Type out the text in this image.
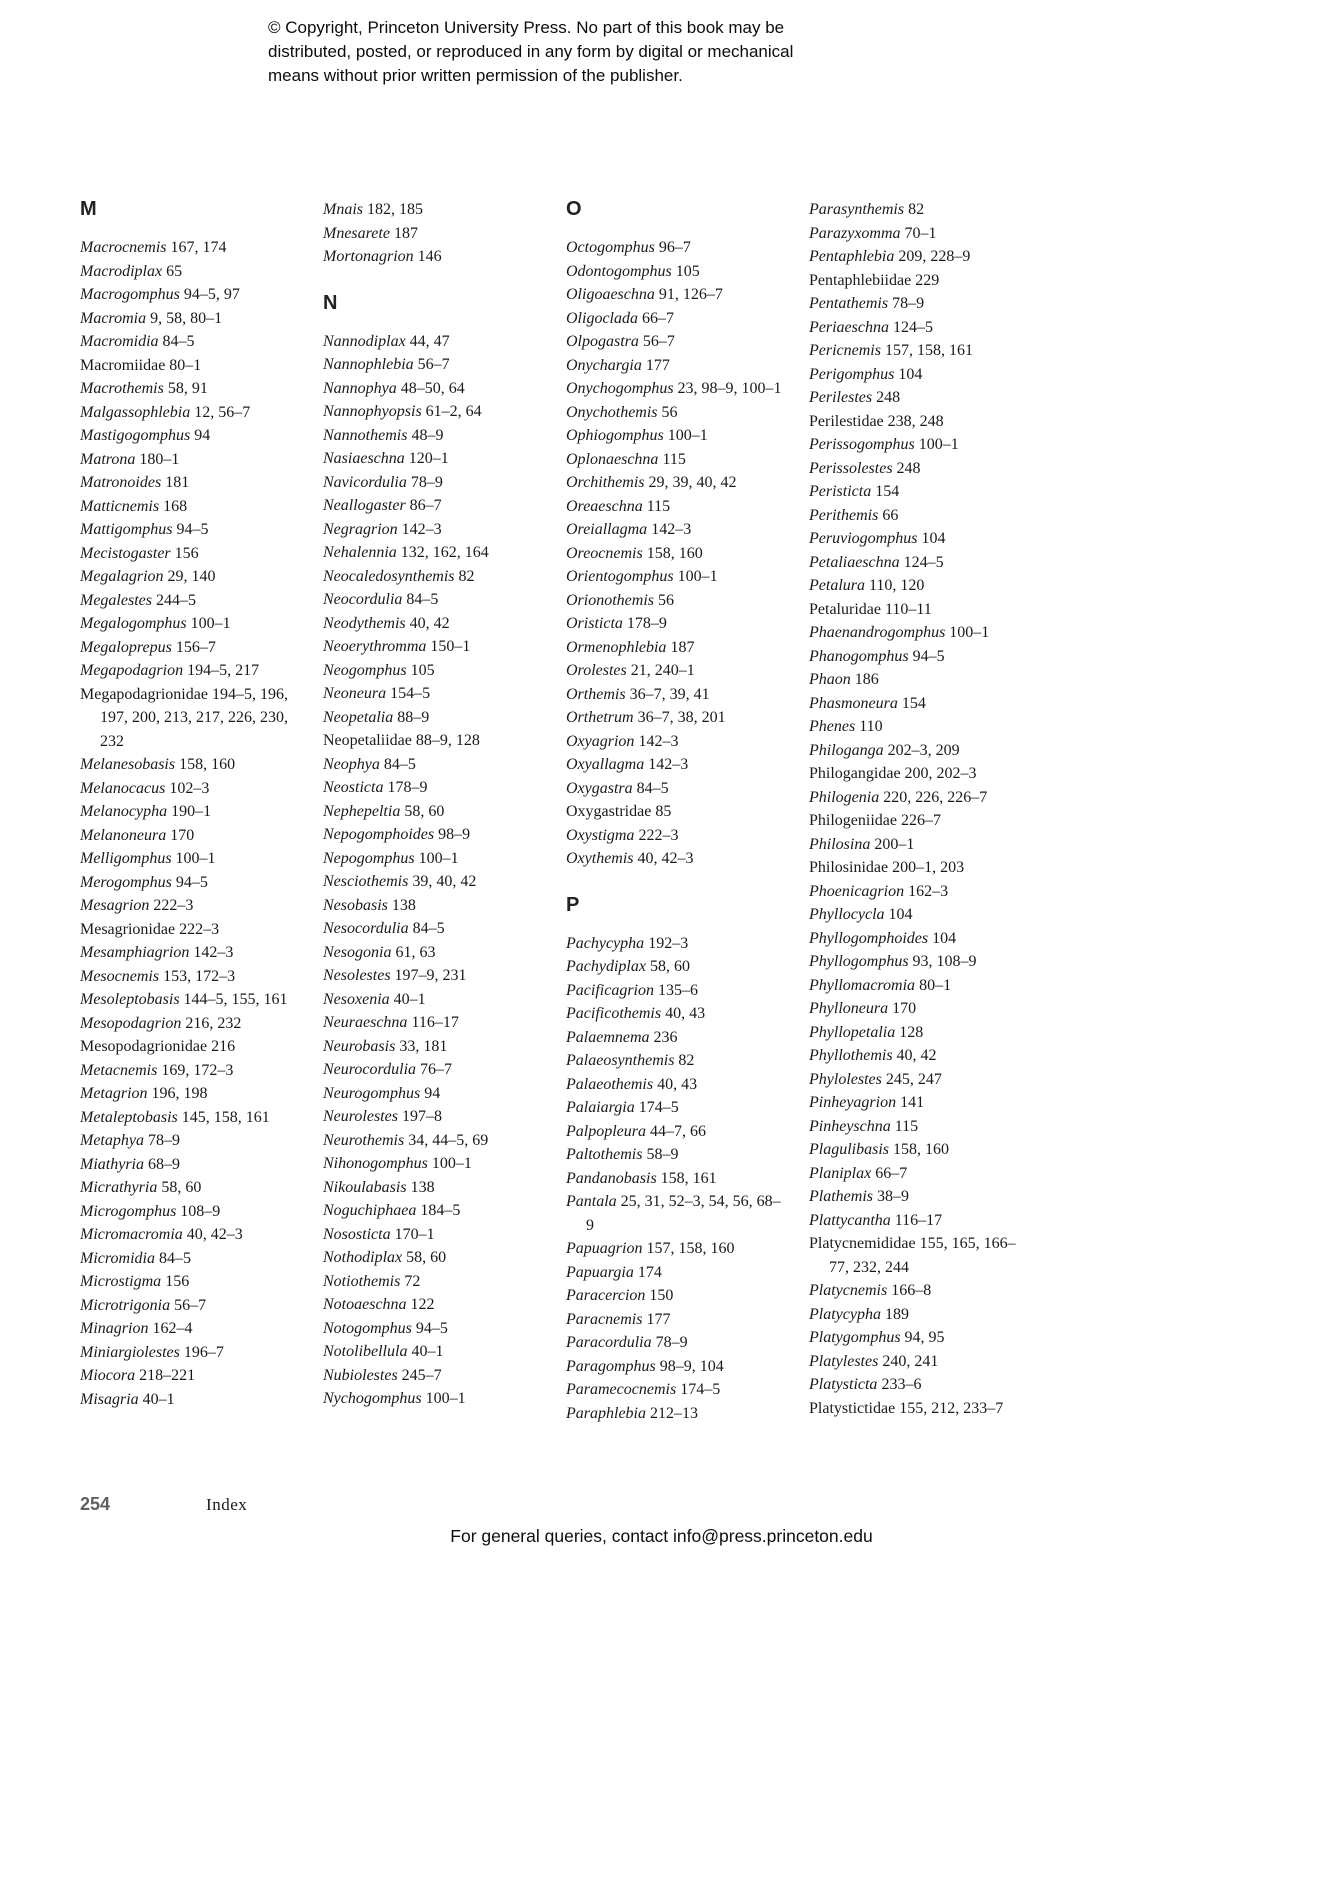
© Copyright, Princeton University Press. No part of this book may be
distributed, posted, or reproduced in any form by digital or mechanical
means without prior written permission of the publisher.
M
Macrocnemis 167, 174
Macrodiplax 65
Macrogomphus 94–5, 97
Macromia 9, 58, 80–1
Macromidia 84–5
Macromiidae 80–1
Macrothemis 58, 91
Malgassophlebia 12, 56–7
Mastigogomphus 94
Matrona 180–1
Matronoides 181
Matticnemis 168
Mattigomphus 94–5
Mecistogaster 156
Megalagrion 29, 140
Megalestes 244–5
Megalogomphus 100–1
Megaloprepus 156–7
Megapodagrion 194–5, 217
Megapodagrionidae 194–5, 196, 197, 200, 213, 217, 226, 230, 232
Melanesobasis 158, 160
Melanocacus 102–3
Melanocypha 190–1
Melanoneura 170
Melligomphus 100–1
Merogomphus 94–5
Mesagrion 222–3
Mesagrionidae 222–3
Mesamphiagrion 142–3
Mesocnemis 153, 172–3
Mesoleptobasis 144–5, 155, 161
Mesopodagrion 216, 232
Mesopodagrionidae 216
Metacnemis 169, 172–3
Metagrion 196, 198
Metaleptobasis 145, 158, 161
Metaphya 78–9
Miathyria 68–9
Micrathyria 58, 60
Microgomphus 108–9
Micromacromia 40, 42–3
Micromidia 84–5
Microstigma 156
Microtrigonia 56–7
Minagrion 162–4
Miniargiolestes 196–7
Miocora 218–221
Misagria 40–1
Mnais 182, 185
Mnesarete 187
Mortonagrion 146
N
Nannodiplax 44, 47
Nannophlebia 56–7
Nannophya 48–50, 64
Nannophyopsis 61–2, 64
Nannothemis 48–9
Nasiaeschna 120–1
Navicordulia 78–9
Neallogaster 86–7
Negragrion 142–3
Nehalennia 132, 162, 164
Neocaledosynthemis 82
Neocordulia 84–5
Neodythemis 40, 42
Neoerythromma 150–1
Neogomphus 105
Neoneura 154–5
Neopetalia 88–9
Neopetaliidae 88–9, 128
Neophya 84–5
Neosticta 178–9
Nephepeltia 58, 60
Nepogomphoides 98–9
Nepogomphus 100–1
Nesciothemis 39, 40, 42
Nesobasis 138
Nesocordulia 84–5
Nesogonia 61, 63
Nesolestes 197–9, 231
Nesoxenia 40–1
Neuraeschna 116–17
Neurobasis 33, 181
Neurocordulia 76–7
Neurogomphus 94
Neurolestes 197–8
Neurothemis 34, 44–5, 69
Nihonogomphus 100–1
Nikoulabasis 138
Noguchiphaea 184–5
Nososticta 170–1
Nothodiplax 58, 60
Notiothemis 72
Notoaeschna 122
Notogomphus 94–5
Notolibellula 40–1
Nubiolestes 245–7
Nychogomphus 100–1
O
Octogomphus 96–7
Odontogomphus 105
Oligoaeschna 91, 126–7
Oligoclada 66–7
Olpogastra 56–7
Onychargia 177
Onychogomphus 23, 98–9, 100–1
Onychothemis 56
Ophiogomphus 100–1
Oplonaeschna 115
Orchithemis 29, 39, 40, 42
Oreaeschna 115
Oreiallagma 142–3
Oreocnemis 158, 160
Orientogomphus 100–1
Orionothemis 56
Oristicta 178–9
Ormenophlebia 187
Orolestes 21, 240–1
Orthemis 36–7, 39, 41
Orthetrum 36–7, 38, 201
Oxyagrion 142–3
Oxyallagma 142–3
Oxygastra 84–5
Oxygastridae 85
Oxystigma 222–3
Oxythemis 40, 42–3
P
Pachycypha 192–3
Pachydiplax 58, 60
Pacificagrion 135–6
Pacificothemis 40, 43
Palaemnema 236
Palaeosynthemis 82
Palaeothemis 40, 43
Palaiargia 174–5
Palpopleura 44–7, 66
Paltothemis 58–9
Pandanobasis 158, 161
Pantala 25, 31, 52–3, 54, 56, 68–9
Papuagrion 157, 158, 160
Papuargia 174
Paracercion 150
Paracnemis 177
Paracordulia 78–9
Paragomphus 98–9, 104
Paramecocnemis 174–5
Paraphlebia 212–13
Parasynthemis 82
Parazyxomma 70–1
Pentaphlebia 209, 228–9
Pentaphlebiidae 229
Pentathemis 78–9
Periaeschna 124–5
Pericnemis 157, 158, 161
Perigomphus 104
Perilestes 248
Perilestidae 238, 248
Perissogomphus 100–1
Perissolestes 248
Peristicta 154
Perithemis 66
Peruviogomphus 104
Petaliaeschna 124–5
Petalura 110, 120
Petaluridae 110–11
Phaenandrogomphus 100–1
Phanogomphus 94–5
Phaon 186
Phasmoneura 154
Phenes 110
Philoganga 202–3, 209
Philogangidae 200, 202–3
Philogenia 220, 226, 226–7
Philogeniidae 226–7
Philosina 200–1
Philosinidae 200–1, 203
Phoenicagrion 162–3
Phyllocycla 104
Phyllogomphoides 104
Phyllogomphus 93, 108–9
Phyllomacromia 80–1
Phylloneura 170
Phyllopetalia 128
Phyllothemis 40, 42
Phylolestes 245, 247
Pinheyagrion 141
Pinheyschna 115
Plagulibasis 158, 160
Planiplax 66–7
Plathemis 38–9
Plattycantha 116–17
Platycnemididae 155, 165, 166–77, 232, 244
Platycnemis 166–8
Platycypha 189
Platygomphus 94, 95
Platylestes 240, 241
Platysticta 233–6
Platystictidae 155, 212, 233–7
254	Index
For general queries, contact info@press.princeton.edu
